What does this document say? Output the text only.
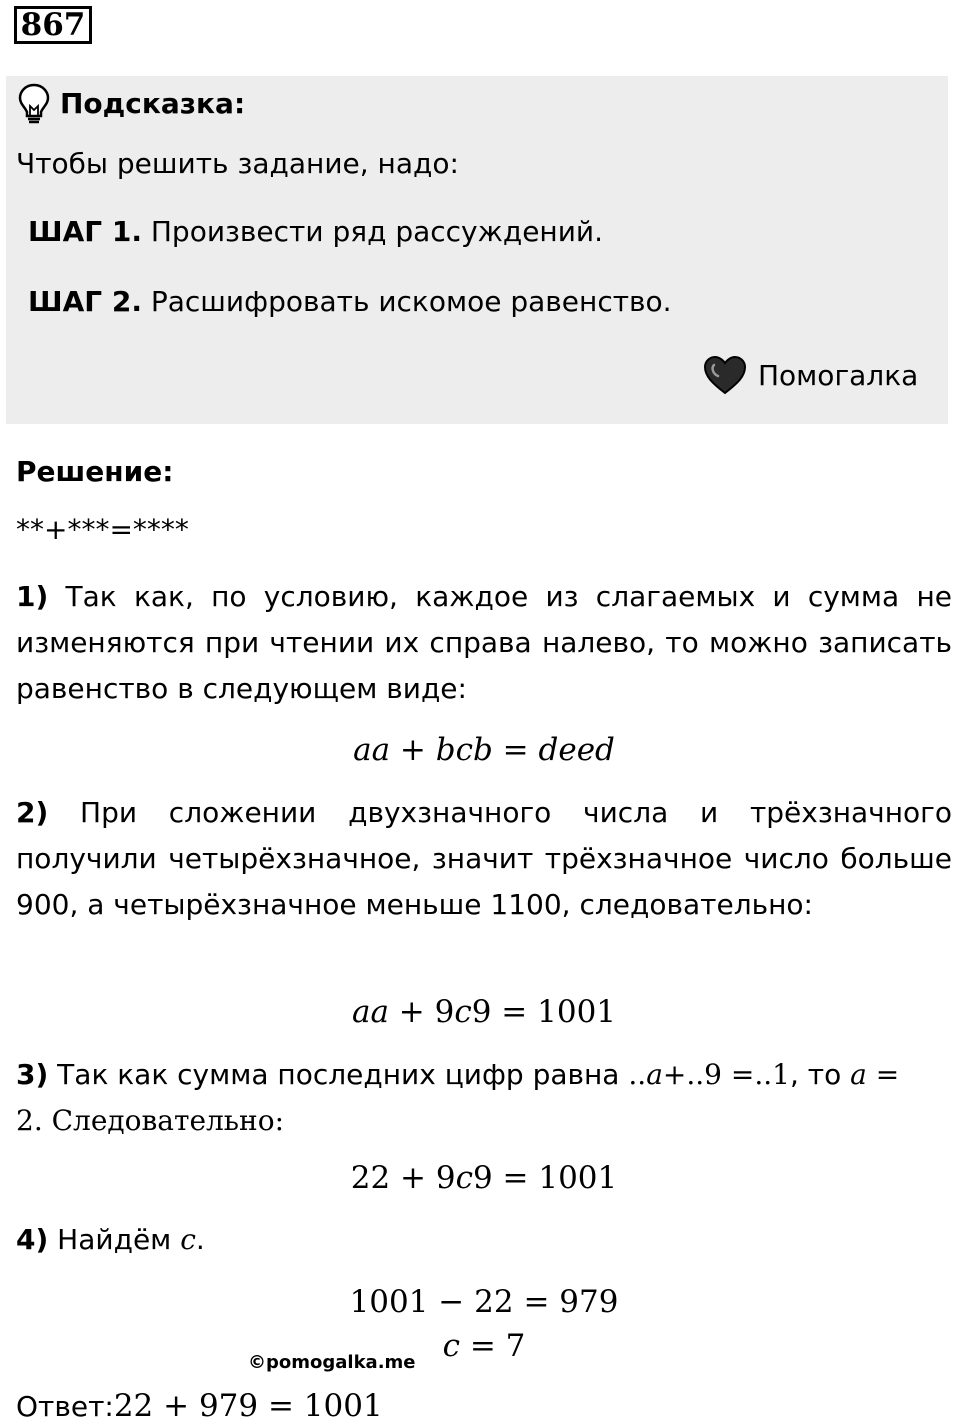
867
Подсказка:
Чтобы решить задание, надо:
ШАГ 1. Произвести ряд рассуждений.
ШАГ 2. Расшифровать искомое равенство.
Помогалка
Решение:
**+***=****
1) Так как, по условию, каждое из слагаемых и сумма не изменяются при чтении их справа налево, то можно записать равенство в следующем виде:
aa + bcb = deed
2) При сложении двухзначного числа и трёхзначного получили четырёхзначное, значит трёхзначное число больше 900, а четырёхзначное меньше 1100, следовательно:
aa + 9c9 = 1001
3) Так как сумма последних цифр равна ..a+..9 =..1, то a =
2. Следовательно:
22 + 9c9 = 1001
4) Найдём c.
1001 − 22 = 979
c = 7
©pomogalka.me
Ответ:22 + 979 = 1001
